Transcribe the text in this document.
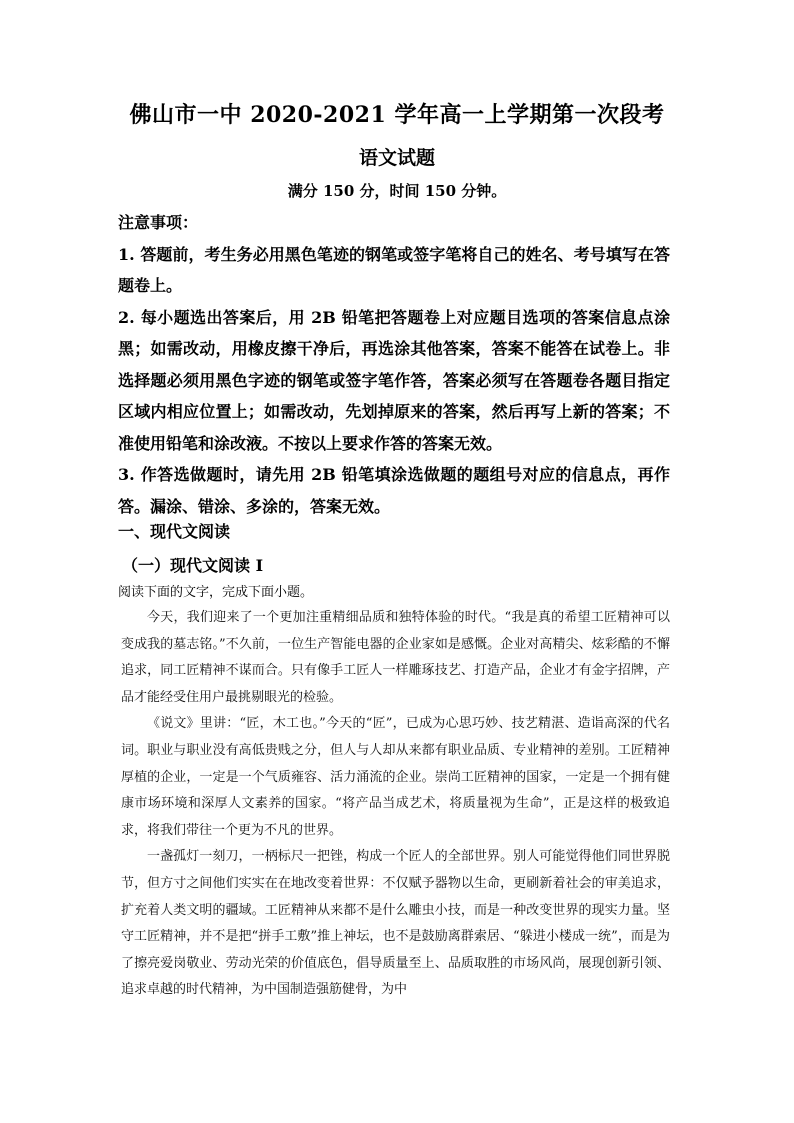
佛山市一中 2020-2021 学年高一上学期第一次段考
语文试题

满分 150 分，时间 150 分钟。

注意事项：

1. 答题前，考生务必用黑色笔迹的钢笔或签字笔将自己的姓名、考号填写在答题卷上。

2. 每小题选出答案后，用 2B 铅笔把答题卷上对应题目选项的答案信息点涂黑；如需改动，用橡皮擦干净后，再选涂其他答案，答案不能答在试卷上。非选择题必须用黑色字迹的钢笔或签字笔作答，答案必须写在答题卷各题目指定区域内相应位置上；如需改动，先划掉原来的答案，然后再写上新的答案；不准使用铅笔和涂改液。不按以上要求作答的答案无效。

3. 作答选做题时，请先用 2B 铅笔填涂选做题的题组号对应的信息点，再作答。漏涂、错涂、多涂的，答案无效。

一、现代文阅读

（一）现代文阅读 I

阅读下面的文字，完成下面小题。

今天，我们迎来了一个更加注重精细品质和独特体验的时代。“我是真的希望工匠精神可以变成我的墓志铭。”不久前，一位生产智能电器的企业家如是感慨。企业对高精尖、炫彩酷的不懈追求，同工匠精神不谋而合。只有像手工匠人一样雕琢技艺、打造产品，企业才有金字招牌，产品才能经受住用户最挑剔眼光的检验。

《说文》里讲：“匠，木工也。”今天的“匠”，已成为心思巧妙、技艺精湛、造诣高深的代名词。职业与职业没有高低贵贱之分，但人与人却从来都有职业品质、专业精神的差别。工匠精神厚植的企业，一定是一个气质雍容、活力涌流的企业。崇尚工匠精神的国家，一定是一个拥有健康市场环境和深厚人文素养的国家。“将产品当成艺术，将质量视为生命”，正是这样的极致追求，将我们带往一个更为不凡的世界。

一盏孤灯一刻刀，一柄标尺一把锉，构成一个匠人的全部世界。别人可能觉得他们同世界脱节，但方寸之间他们实实在在地改变着世界：不仅赋予器物以生命，更刷新着社会的审美追求，扩充着人类文明的疆域。工匠精神从来都不是什么雕虫小技，而是一种改变世界的现实力量。坚守工匠精神，并不是把“拼手工敷”推上神坛，也不是鼓励离群索居、“躲进小楼成一统”，而是为了擦亮爱岗敬业、劳动光荣的价值底色，倡导质量至上、品质取胜的市场风尚，展现创新引领、追求卓越的时代精神，为中国制造强筋健骨，为中
